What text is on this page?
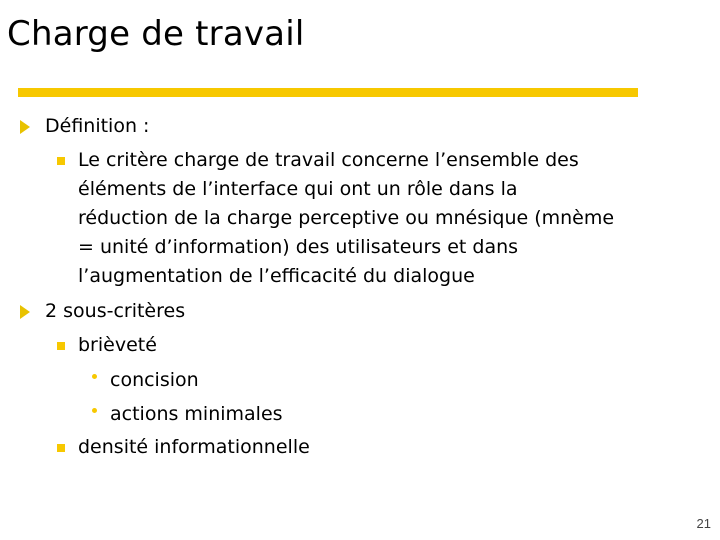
Charge de travail
Définition :
Le critère charge de travail concerne l’ensemble des
éléments de l’interface qui ont un rôle dans la
réduction de la charge perceptive ou mnésique (mnème
= unité d’information) des utilisateurs et dans
l’augmentation de l’efficacité du dialogue
2 sous-critères
brièveté
concision
actions minimales
densité informationnelle
21
